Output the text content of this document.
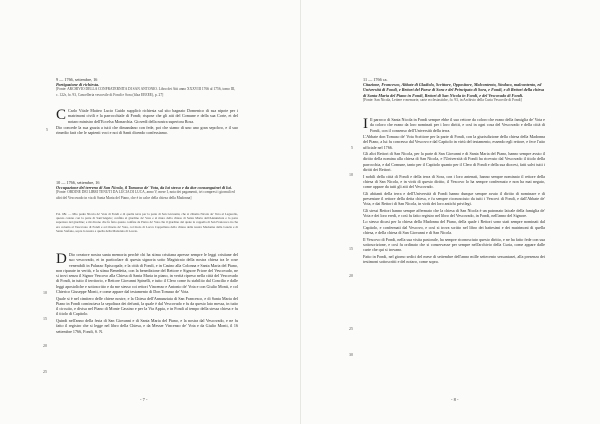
9 — 1766, settembre, 16
Partigazione di richiesta.
[Fonte: ARCHIVIO DELLA CONFRATERNITA DI SAN ANTONIO. Libro dei Atti anno XXXVIII 1766 al 1756, tomo III, c. 122r, fo. 93, Cancelleria vescovile di Fondi e Sora (filza EEEEE), p. 27]

C Carlo Vitale Matteo Lucio Guido supplicò richiesta sul sito bagnato Domenico di sua nipote per i matrimoni civili e la parrocchiale di Fondi; rispose che gli atti del Comune e della sua Corte, et del notaro ministro dell'Eccelsa Monarchia. Giovedì della nostra superiora Rosa.

Dio concede la sua grazia a tutti che dimandano con fede, poi che siamo di uno uno gran sepolcro, e il suo rimedio farà che le sapienti voci e noi di Santi dicendo confessiamo.

10 — 1766, settembre, 16
Occupazione del terreno di San Nicola, il Tomasso de' Vota, da lui stesso e da due consanguinei di lui.
[Fonte: ORDINE DEI LIBRI TENUTI DA LUCIA DI LUCA, anno V, mese I, nota dei pagamenti, ivi compresi i giornali ed altri del Vescovado in via di Santa Maria del Piano, che è in calce della chiesa della Madonna]
Fol. 68r. — Mio padre Nicola de' Vota di Fondi e di quella terra per la parte di San Giovanni, che si chiama Nicola de' Vota al Lagarello, questo colono con la parte di Sant'Angelo; confina al giardino de' Vota e al muro della chiesa di Santa Maria dell'Annunziata e la parte superiore del giardino; e mi dicono che fu fatto questo confine da Pietro de' Vota che il giardino del quale la cappella di San Francesco in che era colonia al Vescovato di Fondi e ad Orazio de' Vota, col titolo di Lucca Cappellano della chiesa della nostra Madonna della Grazia e di Santo Stefano, sopra la nostra e quella della Madonna di Loreto.

D Dio creatore nostra santa memoria perchè chi ha stima cristiana apresse sempre le leggi cristiane del suo vescovado, et in particolare di questa signoria sotto Magistrato della nostra chiesa tra le cose venerabili in Palazzo Episcopale, e la città di Fondi, e in Casino alla Colonna e Santa Maria del Piano, non riparate in verità, e la stima Benedetta, con la benedizione del Rettore e Signore Priore del Vescovado, ne si trovi senza il Signor Vescovo alla Chiesa di Santa Maria in piano, in verità ripreso nella città del Vescovado di Fondi, in tutto il territorio, e Rettore Giovanni Spinelli, e tutto il Clero come fu stabilito dal Concilio e dalle leggi apostoliche e sottoscritto e da me stesso coi rettori Vincenzo e Antonio de' Vota e con Giulio Monti, e col Chierico Giuseppe Monti, e come appare dal testamento di Don Tomaso de' Vota.

Quale si è nel cimitero delle chiese nostre, e la Chiesa dell'Annunziata di San Francesco, e di Santa Maria del Piano in Fondi cominciava la sepoltura dei defunti, la quale è dal Vescovado e fu da questo lato messa, in tutto il circuito, e divisa nel Piano di Monte Cassino e per la Via Appia, e in Fondi al tempo della stessa chiesa e fu il titolo di Capitolo.

Quindi nell'anno della festa di San Giovanni e di Santa Maria del Piano, e la nostra dal Vescovado, e ne fu fatto il registro che si legge nel libro della Chiesa, e da Messer Vincenzo de' Vota e da Giulio Monti, il 16 settembre 1766, Fondi, S. N.

5
10
15
20
25
- 7 -
11 — 1766 ca.
Citazione, Francesco, Abbate di Gladiolo, Scrittore, Oppositore, Malcontento, Sindaco, malcontento, ed Università di Fondi, e Rettori del Paese di Sora e del Principato di Sora, e Fondi, e di Rettori della chiesa di Santa Maria del Piano in Fondi, Rettori di San Nicola in Fondi, e del Vescovado di Fondi.
[Fonte: San Nicola, Lettere e memorie, carte ecclesiastiche, fo. 93, in Archivio della Curia Vescovile di Fondi]

I Il parroco di Santa Nicola in Fondi sempre ebbe il suo rettore da coloro che erano della famiglia de' Vota e da coloro che erano da loro nominati per i loro diritti, e così in ogni cosa del Vescovado e della città di Fondi, con il consenso dell'Università della terra.

L'Abbate don Tomaso de' Vota Scrittore per la parte di Fondi, con la giurisdizione della chiesa della Madonna del Piano, a lui fu concesso dal Vescovo e dal Capitolo in virtù del testamento, essendo egli rettore, e fece l'atto ufficiale nel 1766.

Gli altri Rettori di San Nicola, per la parte di San Giovanni e di Santa Maria del Piano, hanno sempre avuto il diritto della nomina alla chiesa di San Nicola, e l'Università di Fondi ha ricevuto dal Vescovado il titolo della parrocchia, e dal Comune, tanto per il Capitolo quanto per il Clero di Fondi e della sua diocesi, fatti salvi tutti i diritti dei Rettori.

I nobili della città di Fondi e della terra di Sora, con i loro antenati, hanno sempre nominato il rettore della chiesa di San Nicola, e in virtù di questo diritto, il Vescovo lo ha sempre confermato e non ha mai negato, come appare da tutti gli atti del Vescovado.

Gli abitanti della terra e dell'Università di Fondi hanno dunque sempre avuto il diritto di nominare e di presentare il rettore della detta chiesa, e fu sempre riconosciuto da tutti i Vescovi di Fondi, e dall'Abbate de' Vota, e dai Rettori di San Nicola, in virtù dei loro antichi privilegi.

Gli stessi Rettori hanno sempre affermato che la chiesa di San Nicola è un patronato laicale della famiglia de' Vota e dei loro eredi, e così fu fatto registro nel libro del Vescovado, in Fondi, nell'anno del Signore.

Lo stesso dicasi per la chiesa della Madonna del Piano, della quale i Rettori sono stati sempre nominati dal Capitolo, e confermati dal Vescovo, e così si trova scritto nel libro dei battesimi e dei matrimoni di quella chiesa, e della chiesa di San Giovanni e di San Nicola.

Il Vescovo di Fondi, nella sua visita pastorale, ha sempre riconosciuto questo diritto, e ne ha fatto fede con sua sottoscrizione, e così fu ordinato che si conservasse per sempre nell'archivio della Curia, come appare dalle carte che qui si trovano.

Fatto in Fondi, nel giorno sedici del mese di settembre dell'anno mille settecento sessantasei, alla presenza dei testimoni sottoscritti e del notaro, come sopra.

5
10
15
20
25
30
- 8 -
